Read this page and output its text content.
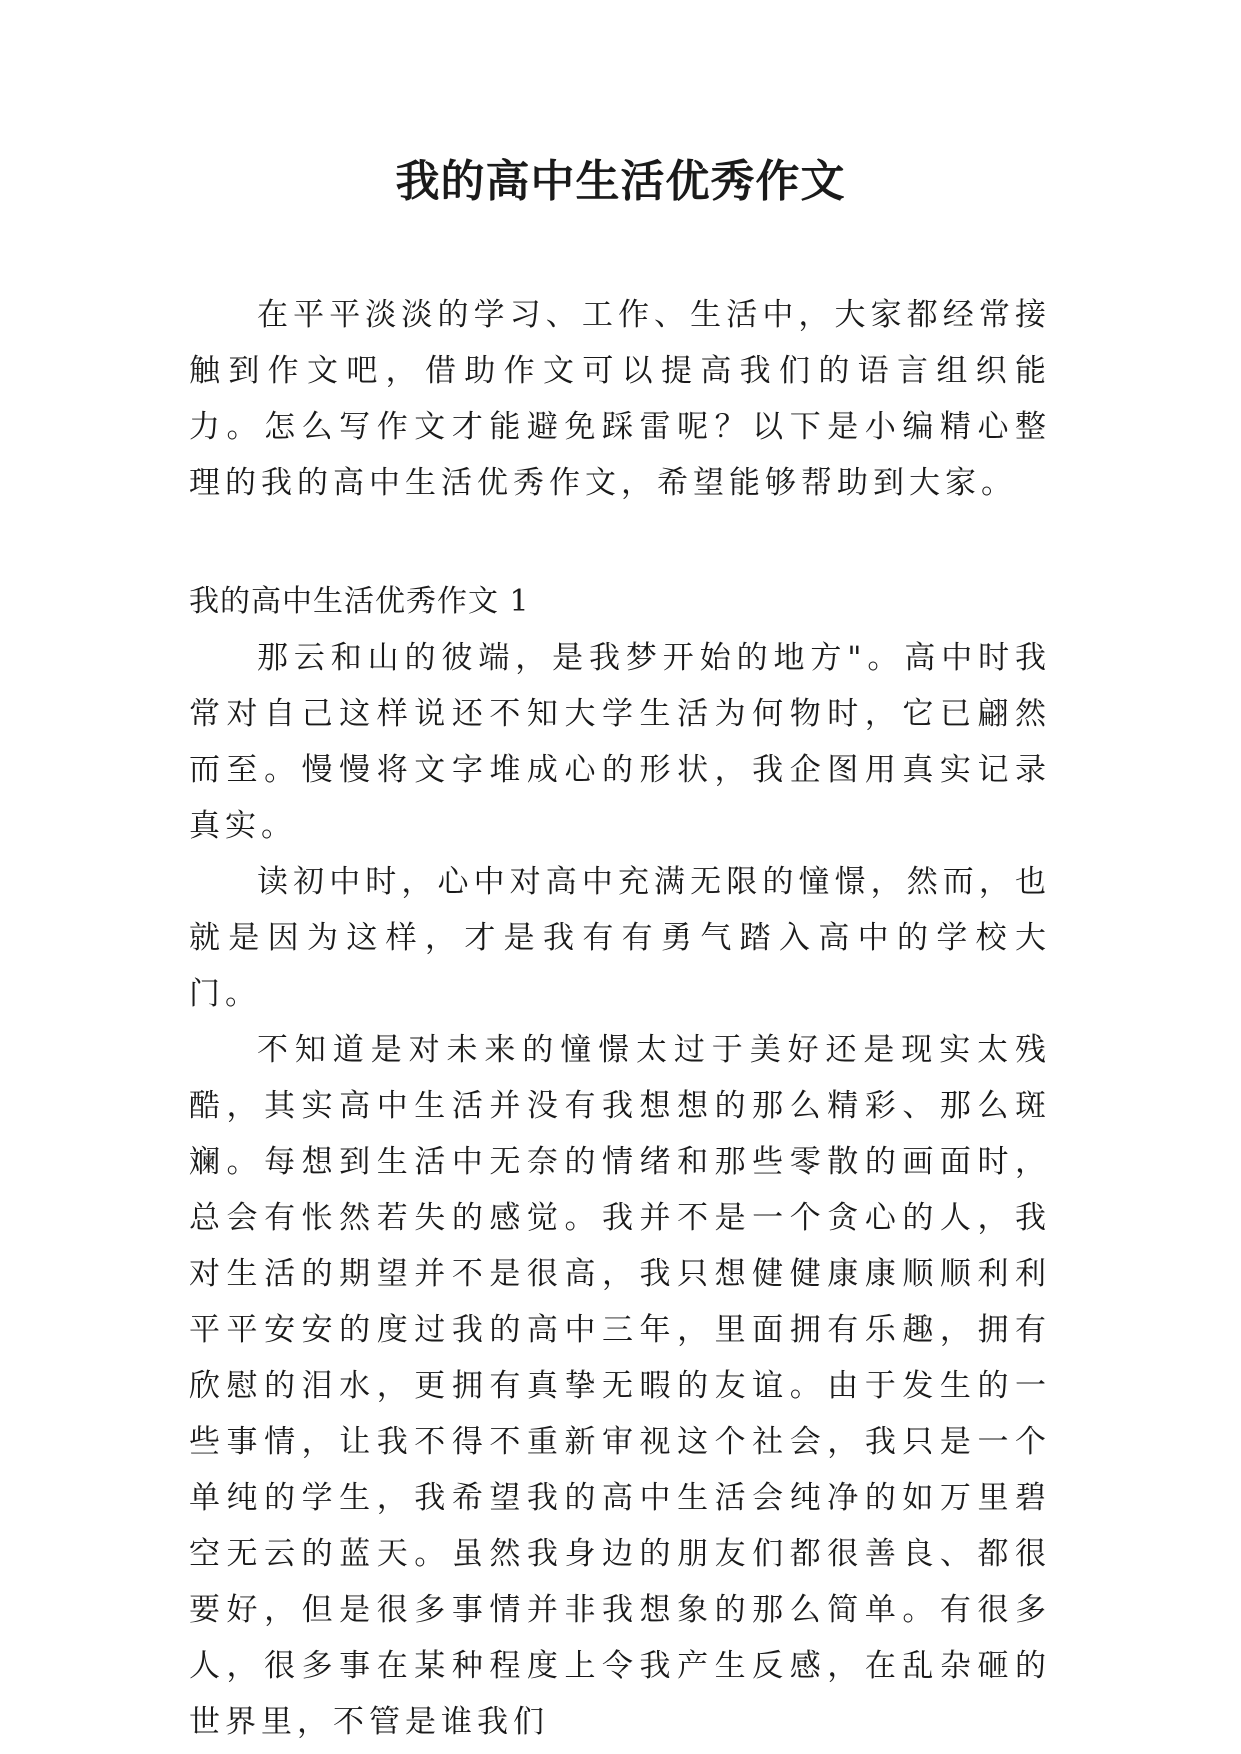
我的高中生活优秀作文

在平平淡淡的学习、工作、生活中，大家都经常接触到作文吧，借助作文可以提高我们的语言组织能力。怎么写作文才能避免踩雷呢？以下是小编精心整理的我的高中生活优秀作文，希望能够帮助到大家。

我的高中生活优秀作文 1

那云和山的彼端，是我梦开始的地方"。高中时我常对自己这样说还不知大学生活为何物时，它已翩然而至。慢慢将文字堆成心的形状，我企图用真实记录真实。

读初中时，心中对高中充满无限的憧憬，然而，也就是因为这样，才是我有有勇气踏入高中的学校大门。

不知道是对未来的憧憬太过于美好还是现实太残酷，其实高中生活并没有我想想的那么精彩、那么斑斓。每想到生活中无奈的情绪和那些零散的画面时，总会有怅然若失的感觉。我并不是一个贪心的人，我对生活的期望并不是很高，我只想健健康康顺顺利利平平安安的度过我的高中三年，里面拥有乐趣，拥有欣慰的泪水，更拥有真挚无暇的友谊。由于发生的一些事情，让我不得不重新审视这个社会，我只是一个单纯的学生，我希望我的高中生活会纯净的如万里碧空无云的蓝天。虽然我身边的朋友们都很善良、都很要好，但是很多事情并非我想象的那么简单。有很多人，很多事在某种程度上令我产生反感，在乱杂砸的世界里，不管是谁我们
